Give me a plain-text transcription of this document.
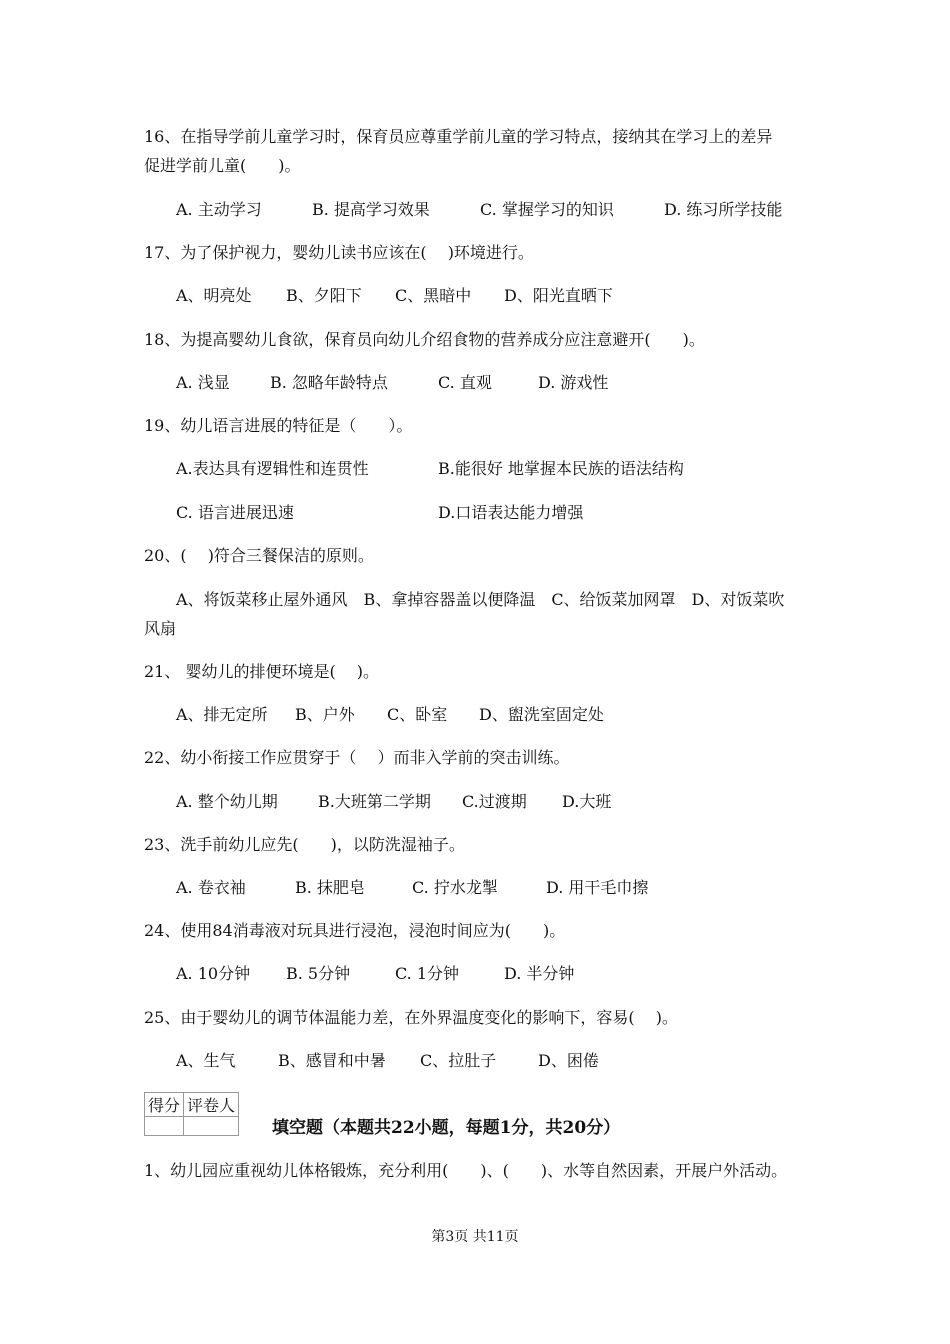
16、在指导学前儿童学习时，保育员应尊重学前儿童的学习特点，接纳其在学习上的差异
促进学前儿童(　　)。
A. 主动学习	B. 提高学习效果	C. 掌握学习的知识	D. 练习所学技能
17、为了保护视力，婴幼儿读书应该在(　 )环境进行。
A、明亮处 B、夕阳下 C、黑暗中 D、阳光直晒下
18、为提高婴幼儿食欲，保育员向幼儿介绍食物的营养成分应注意避开(　　)。
A. 浅显	B. 忽略年龄特点	C. 直观	D. 游戏性
19、幼儿语言进展的特征是（　　）。
A.表达具有逻辑性和连贯性	B.能很好 地掌握本民族的语法结构
C. 语言进展迅速	D.口语表达能力增强
20、(　 )符合三餐保洁的原则。
A、将饭菜移止屋外通风　B、拿掉容器盖以便降温　C、给饭菜加网罩　D、对饭菜吹
风扇
21、 婴幼儿的排便环境是(　 )。
A、排无定所 B、户外 C、卧室 D、盥洗室固定处
22、幼小衔接工作应贯穿于（　 ）而非入学前的突击训练。
A. 整个幼儿期	B.大班第二学期 C.过渡期 D.大班
23、洗手前幼儿应先(　　)，以防洗湿袖子。
A. 卷衣袖	B. 抹肥皂	C. 拧水龙掣	D. 用干毛巾擦
24、使用84消毒液对玩具进行浸泡，浸泡时间应为(　　)。
A. 10分钟 B. 5分钟	C. 1分钟	D. 半分钟
25、由于婴幼儿的调节体温能力差，在外界温度变化的影响下，容易(　 )。
A、生气	B、感冒和中暑 C、拉肚子	D、困倦
得分	评卷人

填空题（本题共22小题，每题1分，共20分）
1、幼儿园应重视幼儿体格锻炼，充分利用(　　)、(　　)、水等自然因素，开展户外活动。
第3页 共11页
